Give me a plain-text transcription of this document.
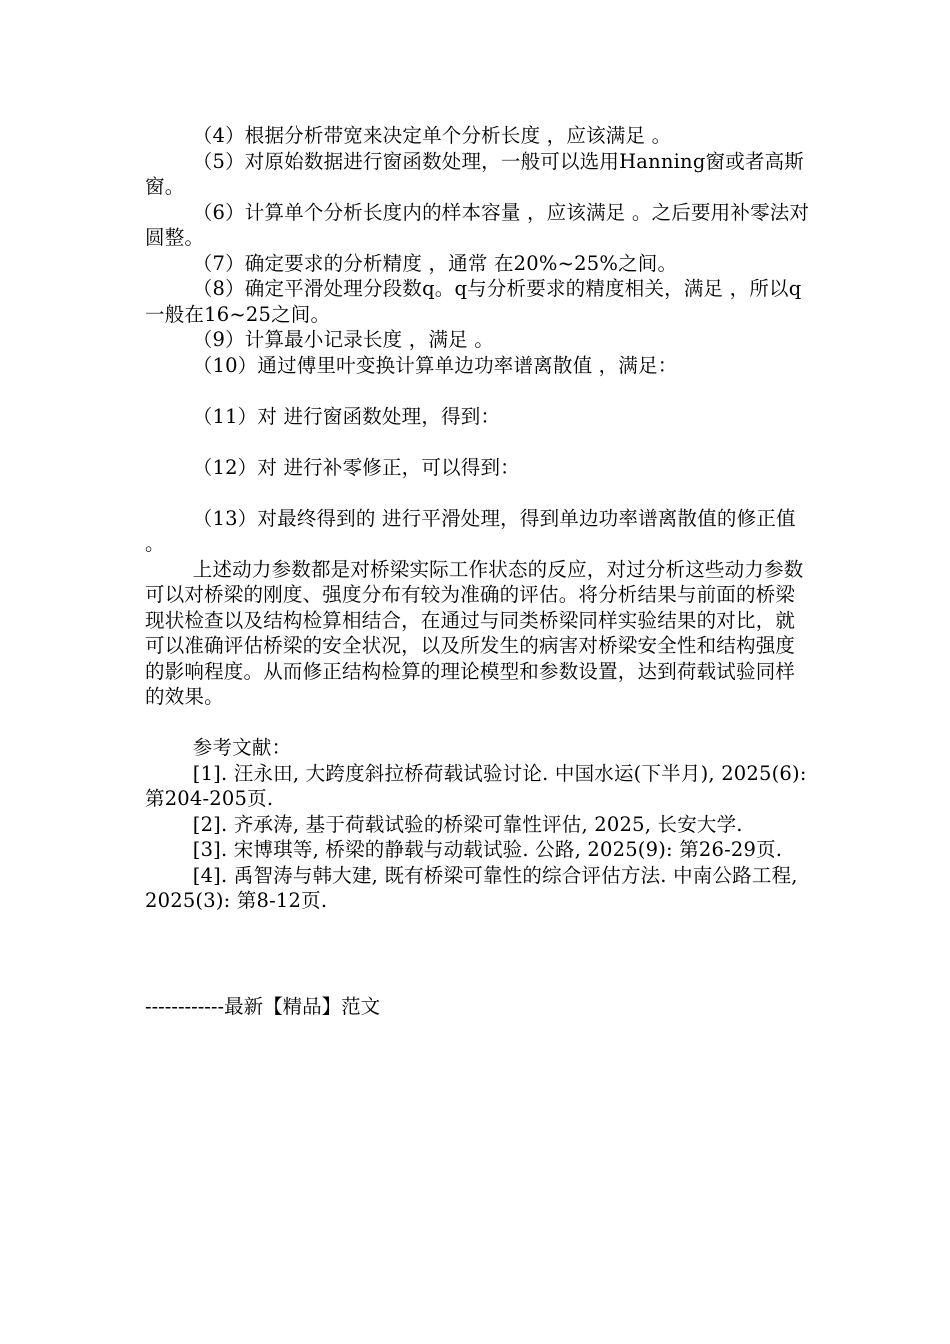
（4）根据分析带宽来决定单个分析长度 ，应该满足 。

（5）对原始数据进行窗函数处理，一般可以选用Hanning窗或者高斯窗。

（6）计算单个分析长度内的样本容量 ，应该满足 。之后要用补零法对 圆整。

（7）确定要求的分析精度 ，通常 在20%~25%之间。

（8）确定平滑处理分段数q。q与分析要求的精度相关，满足 ，所以q一般在16~25之间。

（9）计算最小记录长度 ，满足 。

（10）通过傅里叶变换计算单边功率谱离散值 ，满足：

（11）对 进行窗函数处理，得到：

（12）对 进行补零修正，可以得到：

（13）对最终得到的 进行平滑处理，得到单边功率谱离散值的修正值 。

上述动力参数都是对桥梁实际工作状态的反应，对过分析这些动力参数可以对桥梁的刚度、强度分布有较为准确的评估。将分析结果与前面的桥梁现状检查以及结构检算相结合，在通过与同类桥梁同样实验结果的对比，就可以准确评估桥梁的安全状况，以及所发生的病害对桥梁安全性和结构强度的影响程度。从而修正结构检算的理论模型和参数设置，达到荷载试验同样的效果。

参考文献：

[1]. 汪永田, 大跨度斜拉桥荷载试验讨论. 中国水运(下半月), 2025(6): 第204-205页.

[2]. 齐承涛, 基于荷载试验的桥梁可靠性评估, 2025, 长安大学.

[3]. 宋博琪等, 桥梁的静载与动载试验. 公路, 2025(9): 第26-29页.

[4]. 禹智涛与韩大建, 既有桥梁可靠性的综合评估方法. 中南公路工程, 2025(3): 第8-12页.

------------最新【精品】范文
